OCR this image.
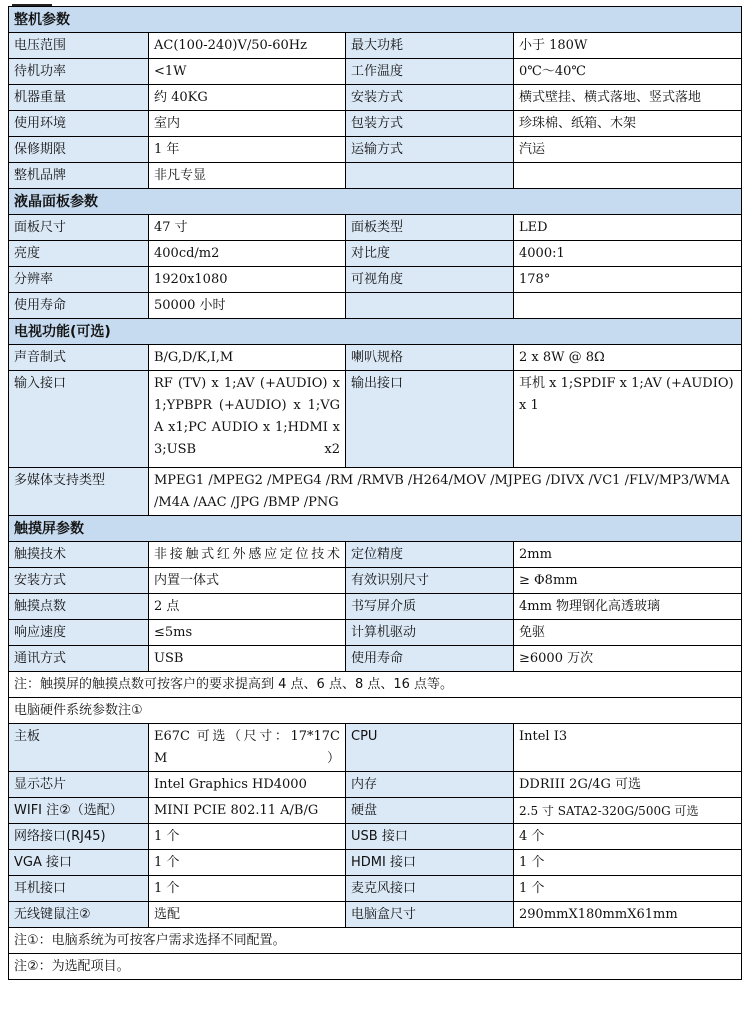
整机参数			
电压范围	AC(100-240)V/50-60Hz	最大功耗	小于 180W
待机功率	<1W	工作温度	0℃～40℃
机器重量	约 40KG	安装方式	横式壁挂、横式落地、竖式落地
使用环境	室内	包装方式	珍珠棉、纸箱、木架
保修期限	1 年	运输方式	汽运
整机品牌	非凡专显		
液晶面板参数			
面板尺寸	47 寸	面板类型	LED
亮度	400cd/m2	对比度	4000:1
分辨率	1920x1080	可视角度	178°
使用寿命	50000 小时		
电视功能(可选)			
声音制式	B/G,D/K,I,M	喇叭规格	2 x 8W @ 8Ω
输入接口	RF (TV) x 1;AV (+AUDIO) x1;YPBPR (+AUDIO) x 1;VGA x1;PC AUDIO x 1;HDMI x 3;USB x2	输出接口	耳机 x 1;SPDIF x 1;AV (+AUDIO) x 1
多媒体支持类型	MPEG1 /MPEG2 /MPEG4 /RM /RMVB /H264/MOV /MJPEG /DIVX /VC1 /FLV/MP3/WMA /M4A /AAC /JPG /BMP /PNG		
触摸屏参数			
触摸技术	非接触式红外感应定位技术	定位精度	2mm
安装方式	内置一体式	有效识别尺寸	≥ Φ8mm
触摸点数	2 点	书写屏介质	4mm 物理钢化高透玻璃
响应速度	≤5ms	计算机驱动	免驱
通讯方式	USB	使用寿命	≥6000 万次
注：触摸屏的触摸点数可按客户的要求提高到 4 点、6 点、8 点、16 点等。			
电脑硬件系统参数注①			
主板	E67C 可选（尺寸：17*17CM）	CPU	Intel I3
显示芯片	Intel Graphics HD4000	内存	DDRIII 2G/4G 可选
WIFI 注②（选配）	MINI PCIE 802.11 A/B/G	硬盘	2.5 寸 SATA2-320G/500G 可选
网络接口(RJ45)	1 个	USB 接口	4 个
VGA 接口	1 个	HDMI 接口	1 个
耳机接口	1 个	麦克风接口	1 个
无线键鼠注②	选配	电脑盒尺寸	290mmX180mmX61mm
注①：电脑系统为可按客户需求选择不同配置。			
注②：为选配项目。			
